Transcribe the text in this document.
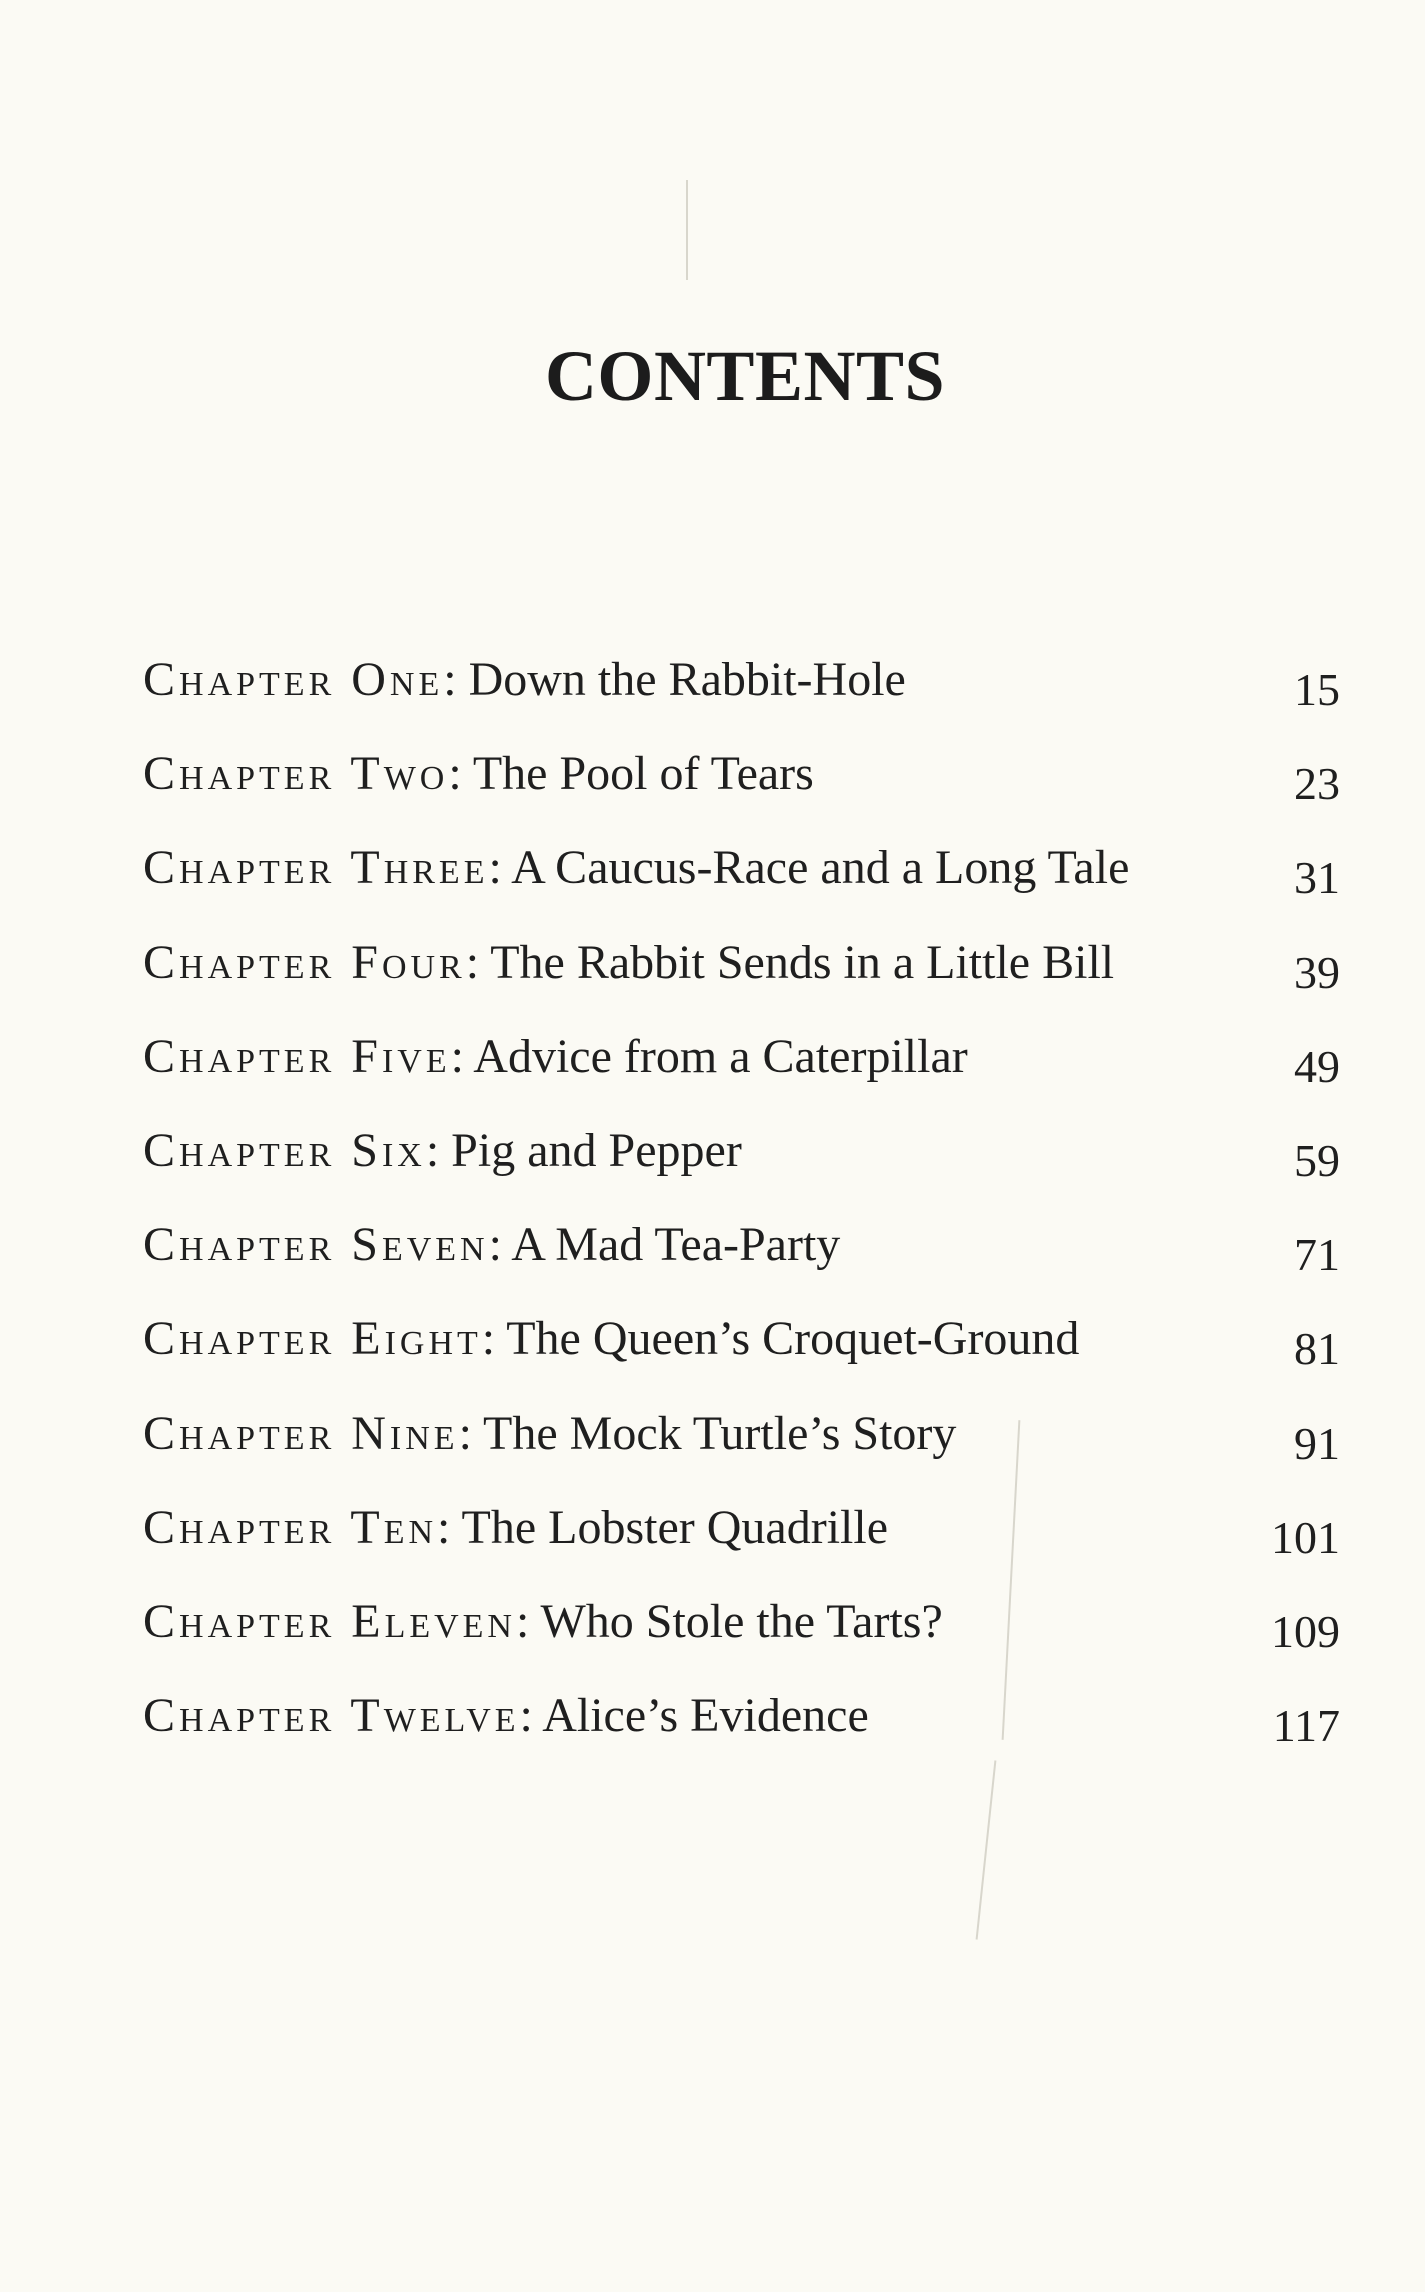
CONTENTS
Chapter One: Down the Rabbit-Hole	15
Chapter Two: The Pool of Tears	23
Chapter Three: A Caucus-Race and a Long Tale	31
Chapter Four: The Rabbit Sends in a Little Bill	39
Chapter Five: Advice from a Caterpillar	49
Chapter Six: Pig and Pepper	59
Chapter Seven: A Mad Tea-Party	71
Chapter Eight: The Queen’s Croquet-Ground	81
Chapter Nine: The Mock Turtle’s Story	91
Chapter Ten: The Lobster Quadrille	101
Chapter Eleven: Who Stole the Tarts?	109
Chapter Twelve: Alice’s Evidence	117
